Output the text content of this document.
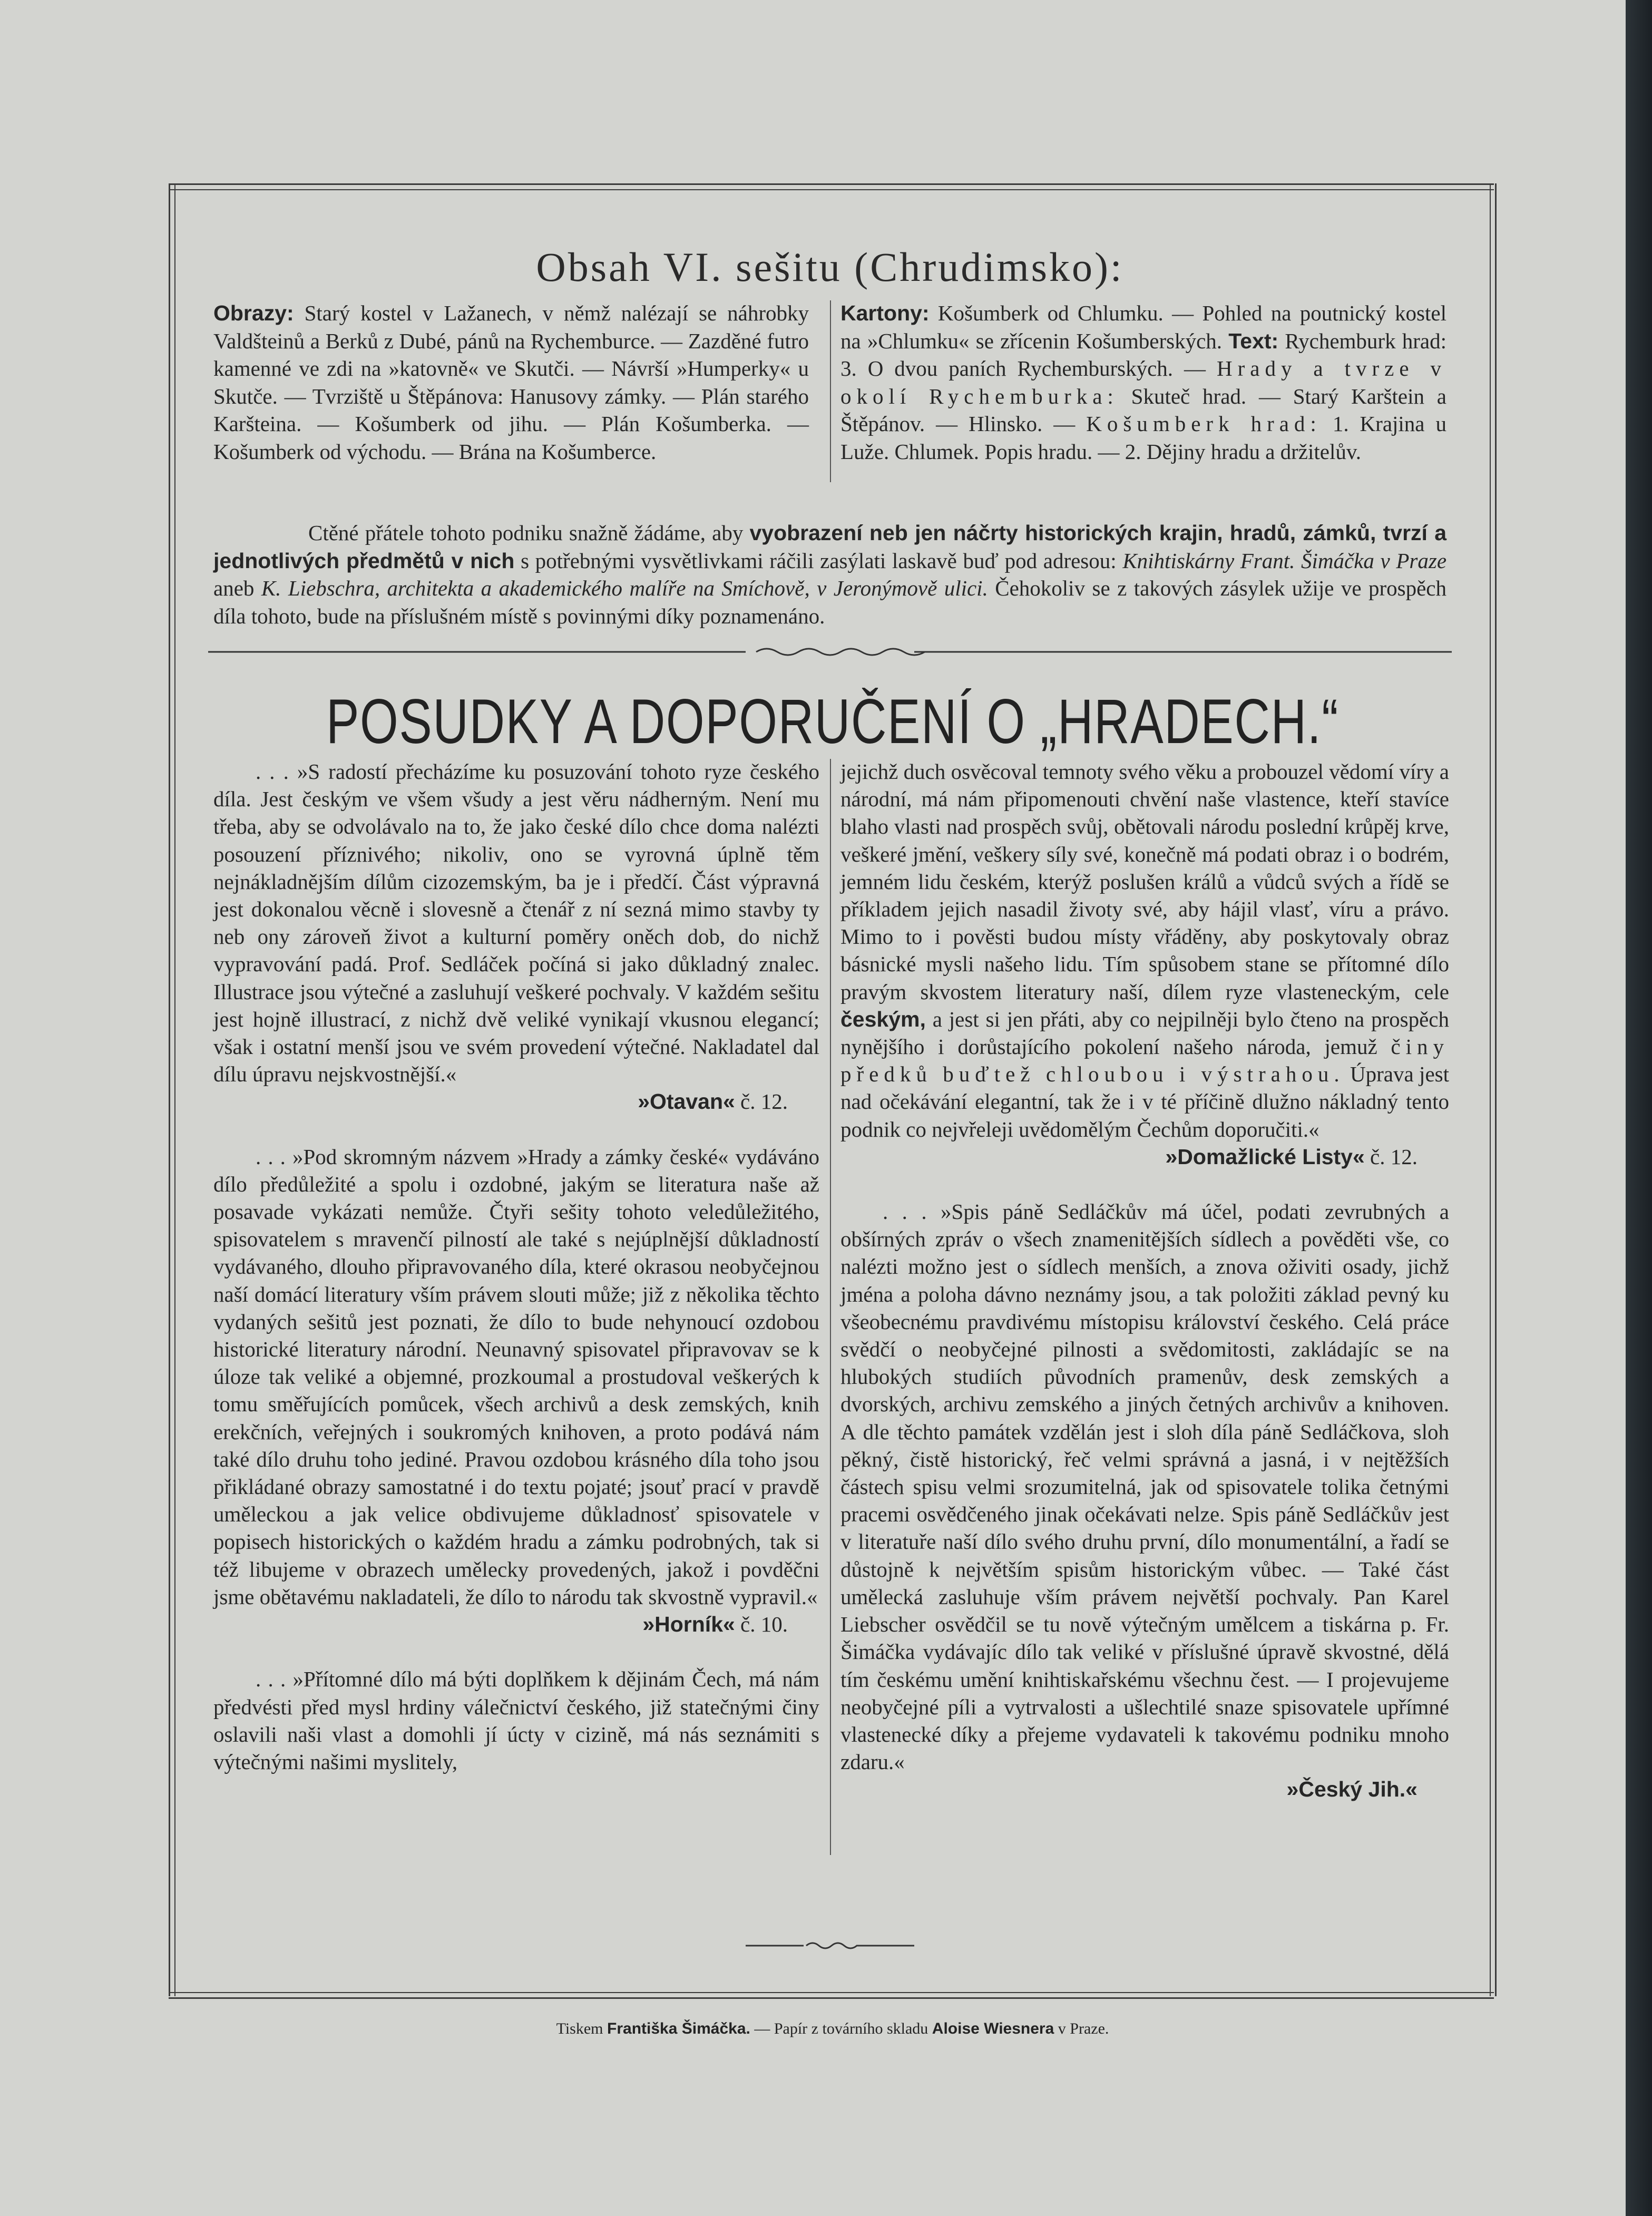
Obsah VI. sešitu (Chrudimsko):
Obrazy: Starý kostel v Lažanech, v němž nalézají se náhrobky Valdšteinů a Berků z Dubé, pánů na Rychemburce. — Zazděné futro kamenné ve zdi na »katovně« ve Skutči. — Návrší »Humperky« u Skutče. — Tvrziště u Štěpánova: Hanusovy zámky. — Plán starého Karšteina. — Košumberk od jihu. — Plán Košumberka. — Košumberk od východu. — Brána na Košumberce.
Kartony: Košumberk od Chlumku. — Pohled na poutnický kostel na »Chlumku« se zřícenin Košumberských. Text: Rychemburk hrad: 3. O dvou paních Rychemburských. — Hrady a tvrze v okolí Rychemburka: Skuteč hrad. — Starý Karštein a Štěpánov. — Hlinsko. — Košumberk hrad: 1. Krajina u Luže. Chlumek. Popis hradu. — 2. Dějiny hradu a držitelův.
Ctěné přátele tohoto podniku snažně žádáme, aby vyobrazení neb jen náčrty historických krajin, hradů, zámků, tvrzí a jednotlivých předmětů v nich s potřebnými vysvětlivkami ráčili zasýlati laskavě buď pod adresou: Knihtiskárny Frant. Šimáčka v Praze aneb K. Liebschra, architekta a akademického malíře na Smíchově, v Jeronýmově ulici. Čehokoliv se z takových zásylek užije ve prospěch díla tohoto, bude na příslušném místě s povinnými díky poznamenáno.
POSUDKY A DOPORUČENÍ O „HRADECH.“

. . . »S radostí přecházíme ku posuzování tohoto ryze českého díla. Jest českým ve všem všudy a jest věru nádherným. Není mu třeba, aby se odvolávalo na to, že jako české dílo chce doma nalézti posouzení příznivého; nikoliv, ono se vyrovná úplně těm nejnákladnějším dílům cizozemským, ba je i předčí. Část výpravná jest dokonalou věcně i slovesně a čtenář z ní sezná mimo stavby ty neb ony zároveň život a kulturní poměry oněch dob, do nichž vypravování padá. Prof. Sedláček počíná si jako důkladný znalec. Illustrace jsou výtečné a zasluhují veškeré pochvaly. V každém sešitu jest hojně illustrací, z nichž dvě veliké vynikají vkusnou elegancí; však i ostatní menší jsou ve svém provedení výtečné. Nakladatel dal dílu úpravu nejskvostnější.«

»Otavan« č. 12.

. . . »Pod skromným názvem »Hrady a zámky české« vydáváno dílo předůležité a spolu i ozdobné, jakým se literatura naše až posavade vykázati nemůže. Čtyři sešity tohoto veledůležitého, spisovatelem s mravenčí pilností ale také s nejúplnější důkladností vydávaného, dlouho připravovaného díla, které okrasou neobyčejnou naší domácí literatury vším právem slouti může; již z několika těchto vydaných sešitů jest poznati, že dílo to bude nehynoucí ozdobou historické literatury národní. Neunavný spisovatel připravovav se k úloze tak veliké a objemné, prozkoumal a prostudoval veškerých k tomu směřujících pomůcek, všech archivů a desk zemských, knih erekčních, veřejných i soukromých knihoven, a proto podává nám také dílo druhu toho jediné. Pravou ozdobou krásného díla toho jsou přikládané obrazy samostatné i do textu pojaté; jsouť prací v pravdě uměleckou a jak velice obdivujeme důkladnosť spisovatele v popisech historických o každém hradu a zámku podrobných, tak si též libujeme v obrazech umělecky provedených, jakož i povděčni jsme obětavému nakladateli, že dílo to národu tak skvostně vypravil.«

»Horník« č. 10.

. . . »Přítomné dílo má býti doplňkem k dějinám Čech, má nám předvésti před mysl hrdiny válečnictví českého, již statečnými činy oslavili naši vlast a domohli jí úcty v cizině, má nás seznámiti s výtečnými našimi myslitely,

jejichž duch osvěcoval temnoty svého věku a probouzel vědomí víry a národní, má nám připomenouti chvění naše vlastence, kteří stavíce blaho vlasti nad prospěch svůj, obětovali národu poslední krůpěj krve, veškeré jmění, veškery síly své, konečně má podati obraz i o bodrém, jemném lidu českém, kterýž poslušen králů a vůdců svých a řídě se příkladem jejich nasadil životy své, aby hájil vlasť, víru a právo. Mimo to i pověsti budou místy vřáděny, aby poskytovaly obraz básnické mysli našeho lidu. Tím spůsobem stane se přítomné dílo pravým skvostem literatury naší, dílem ryze vlasteneckým, cele českým, a jest si jen přáti, aby co nejpilněji bylo čteno na prospěch nynějšího i dorůstajícího pokolení našeho národa, jemuž činy předků buďtež chloubou i výstrahou. Úprava jest nad očekávání elegantní, tak že i v té příčině dlužno nákladný tento podnik co nejvřeleji uvědomělým Čechům doporučiti.«
»Domažlické Listy« č. 12.

. . . »Spis páně Sedláčkův má účel, podati zevrubných a obšírných zpráv o všech znamenitějších sídlech a pověděti vše, co nalézti možno jest o sídlech menších, a znova oživiti osady, jichž jména a poloha dávno neznámy jsou, a tak položiti základ pevný ku všeobecnému pravdivému místopisu království českého. Celá práce svědčí o neobyčejné pilnosti a svědomitosti, zakládajíc se na hlubokých studiích původních pramenův, desk zemských a dvorských, archivu zemského a jiných četných archivův a knihoven. A dle těchto památek vzdělán jest i sloh díla páně Sedláčkova, sloh pěkný, čistě historický, řeč velmi správná a jasná, i v nejtěžších částech spisu velmi srozumitelná, jak od spisovatele tolika četnými pracemi osvědčeného jinak očekávati nelze. Spis páně Sedláčkův jest v literatuře naší dílo svého druhu první, dílo monumentální, a řadí se důstojně k největším spisům historickým vůbec. — Také část umělecká zasluhuje vším právem největší pochvaly. Pan Karel Liebscher osvědčil se tu nově výtečným umělcem a tiskárna p. Fr. Šimáčka vydávajíc dílo tak veliké v příslušné úpravě skvostné, dělá tím českému umění knihtiskařskému všechnu čest. — I projevujeme neobyčejné píli a vytrvalosti a ušlechtilé snaze spisovatele upřímné vlastenecké díky a přejeme vydavateli k takovému podniku mnoho zdaru.«

»Český Jih.«
Tiskem Františka Šimáčka. — Papír z továrního skladu Aloise Wiesnera v Praze.
